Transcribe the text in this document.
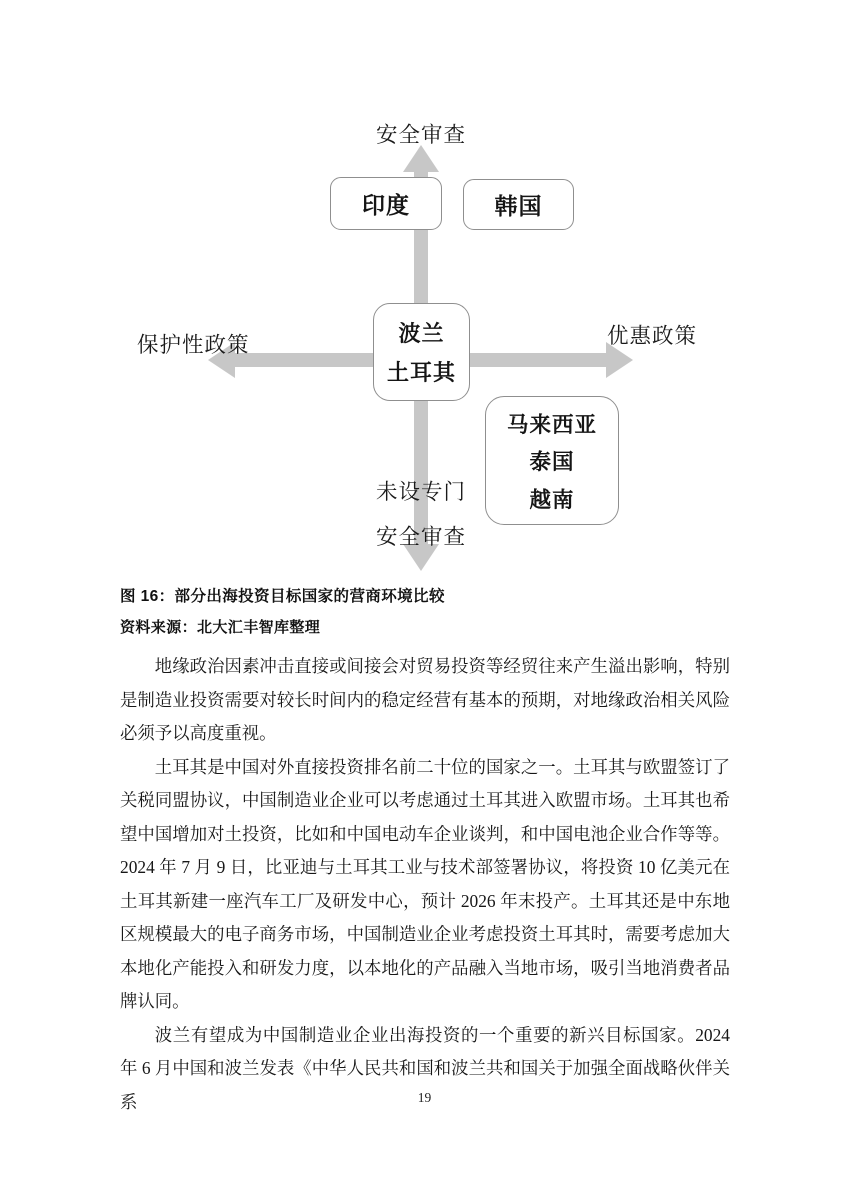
安全审查
保护性政策	优惠政策
未设专门
安全审查
印度	韩国
波兰
土耳其
马来西亚
泰国
越南
图 16：部分出海投资目标国家的营商环境比较
资料来源：北大汇丰智库整理

地缘政治因素冲击直接或间接会对贸易投资等经贸往来产生溢出影响，特别是制造业投资需要对较长时间内的稳定经营有基本的预期，对地缘政治相关风险必须予以高度重视。

土耳其是中国对外直接投资排名前二十位的国家之一。土耳其与欧盟签订了关税同盟协议，中国制造业企业可以考虑通过土耳其进入欧盟市场。土耳其也希望中国增加对土投资，比如和中国电动车企业谈判，和中国电池企业合作等等。2024 年 7 月 9 日，比亚迪与土耳其工业与技术部签署协议，将投资 10 亿美元在土耳其新建一座汽车工厂及研发中心，预计 2026 年末投产。土耳其还是中东地区规模最大的电子商务市场，中国制造业企业考虑投资土耳其时，需要考虑加大本地化产能投入和研发力度，以本地化的产品融入当地市场，吸引当地消费者品牌认同。

波兰有望成为中国制造业企业出海投资的一个重要的新兴目标国家。2024 年 6 月中国和波兰发表《中华人民共和国和波兰共和国关于加强全面战略伙伴关系	19
